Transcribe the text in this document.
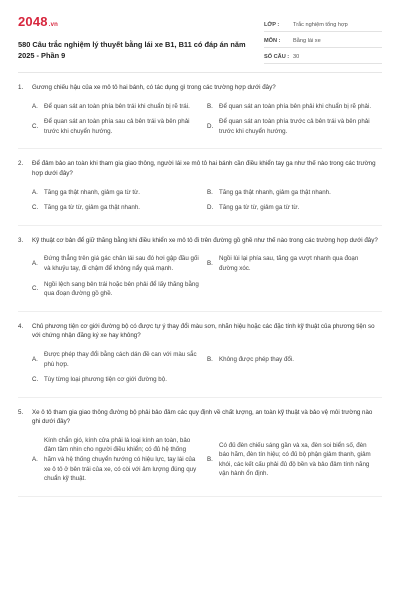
2048.vn
580 Câu trắc nghiệm lý thuyết bằng lái xe B1, B11 có đáp án năm 2025 - Phần 9
LỚP :	Trắc nghiệm tổng hợp
MÔN :	Bằng lái xe
SỐ CÂU : 30
1.	Gương chiếu hậu của xe mô tô hai bánh, có tác dụng gì trong các trường hợp dưới đây?
A. Để quan sát an toàn phía bên trái khi chuẩn bị rẽ trái.	B. Để quan sát an toàn phía bên phải khi chuẩn bị rẽ phải.
C.
Để quan sát an toàn phía sau cả bên trái và bên phải trước khi chuyển hướng.
D.
Để quan sát an toàn phía trước cả bên trái và bên phải trước khi chuyển hướng.
2.	Để đảm bảo an toàn khi tham gia giao thông, người lái xe mô tô hai bánh cần điều khiển tay ga như thế nào trong các trường hợp dưới đây?
A. Tăng ga thật nhanh, giảm ga từ từ.	B. Tăng ga thật nhanh, giảm ga thật nhanh.
C. Tăng ga từ từ, giảm ga thật nhanh.	D. Tăng ga từ từ, giảm ga từ từ.
3.	Kỹ thuật cơ bản để giữ thăng bằng khi điều khiển xe mô tô đi trên đường gồ ghề như thế nào trong các trường hợp dưới đây?
A.
Đứng thẳng trên giá gác chân lái sau đó hơi gập đầu gối và khuỷu tay, đi chậm để không nẩy quá mạnh.
B.
Ngồi lùi lại phía sau, tăng ga vượt nhanh qua đoạn đường xóc.
C.
Ngồi lệch sang bên trái hoặc bên phải để lấy thăng bằng qua đoạn đường gồ ghề.
4.	Chủ phương tiện cơ giới đường bộ có được tự ý thay đổi màu sơn, nhãn hiệu hoặc các đặc tính kỹ thuật của phương tiện so với chứng nhận đăng ký xe hay không?
A.
Được phép thay đổi bằng cách dán đề can với màu sắc phù hợp.
B. Không được phép thay đổi.
C. Tùy từng loại phương tiện cơ giới đường bộ.
5.	Xe ô tô tham gia giao thông đường bộ phải bảo đảm các quy định về chất lượng, an toàn kỹ thuật và bảo vệ môi trường nào ghi dưới đây?
A.
Kính chắn gió, kính cửa phải là loại kính an toàn, bảo đảm tầm nhìn cho người điều khiển; có đủ hệ thống hãm và hệ thống chuyển hướng có hiệu lực, tay lái của xe ô tô ở bên trái của xe, có còi với âm lượng đúng quy chuẩn kỹ thuật.
B.
Có đủ đèn chiếu sáng gần và xa, đèn soi biển số, đèn báo hãm, đèn tín hiệu; có đủ bộ phận giảm thanh, giảm khói, các kết cấu phải đủ độ bền và bảo đảm tính năng vận hành ổn định.
